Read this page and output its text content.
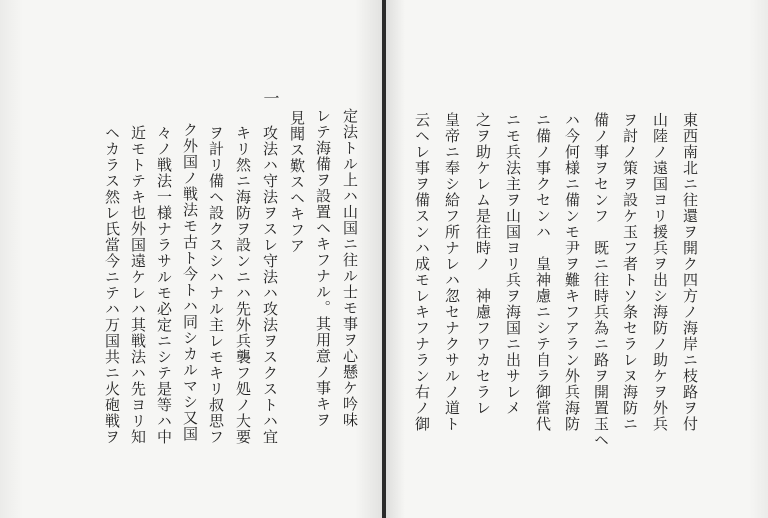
定法トル上ハ山国ニ往ル士モ事ヲ心懸ケ吟味
レテ海備ヲ設置ヘキフナル。其用意ノ事キヲ
見聞ス歎スヘキフア
一
攻法ハ守法ヲスレ守法ハ攻法ヲスクストハ宜
キリ然ニ海防ヲ設ンニハ先外兵襲フ処ノ大要
ヲ計リ備ヘ設クスシハナル主レモキリ叔思フ
ク外国ノ戦法モ古ト今トハ同シカルマシ又国
々ノ戦法一様ナラサルモ必定ニシテ是等ハ中
近モトテキ也外国遠ケレハ其戦法ハ先ヨリ知
ヘカラス然レ氏當今ニテハ万国共ニ火砲戦ヲ	東西南北ニ往還ヲ開ク四方ノ海岸ニ枝路ヲ付
山陸ノ遠国ヨリ援兵ヲ出シ海防ノ助ケヲ外兵
ヲ討ノ策ヲ設ケ玉フ者トソ条セラレヌ海防ニ
備ノ事ヲセンフ　既ニ往時兵為ニ路ヲ開置玉ヘ
ハ今何様ニ備ンモ尹ヲ難キフアラン外兵海防
ニ備ノ事クセンハ　皇神慮ニシテ自ラ御當代
ニモ兵法主ヲ山国ヨリ兵ヲ海国ニ出サレメ
之ヲ助ケレム是往時ノ　神慮フワカセラレ
皇帝ニ奉シ給フ所ナレハ忽セナクサルノ道ト
云ヘレ事ヲ備スンハ成モレキフナラン右ノ御
